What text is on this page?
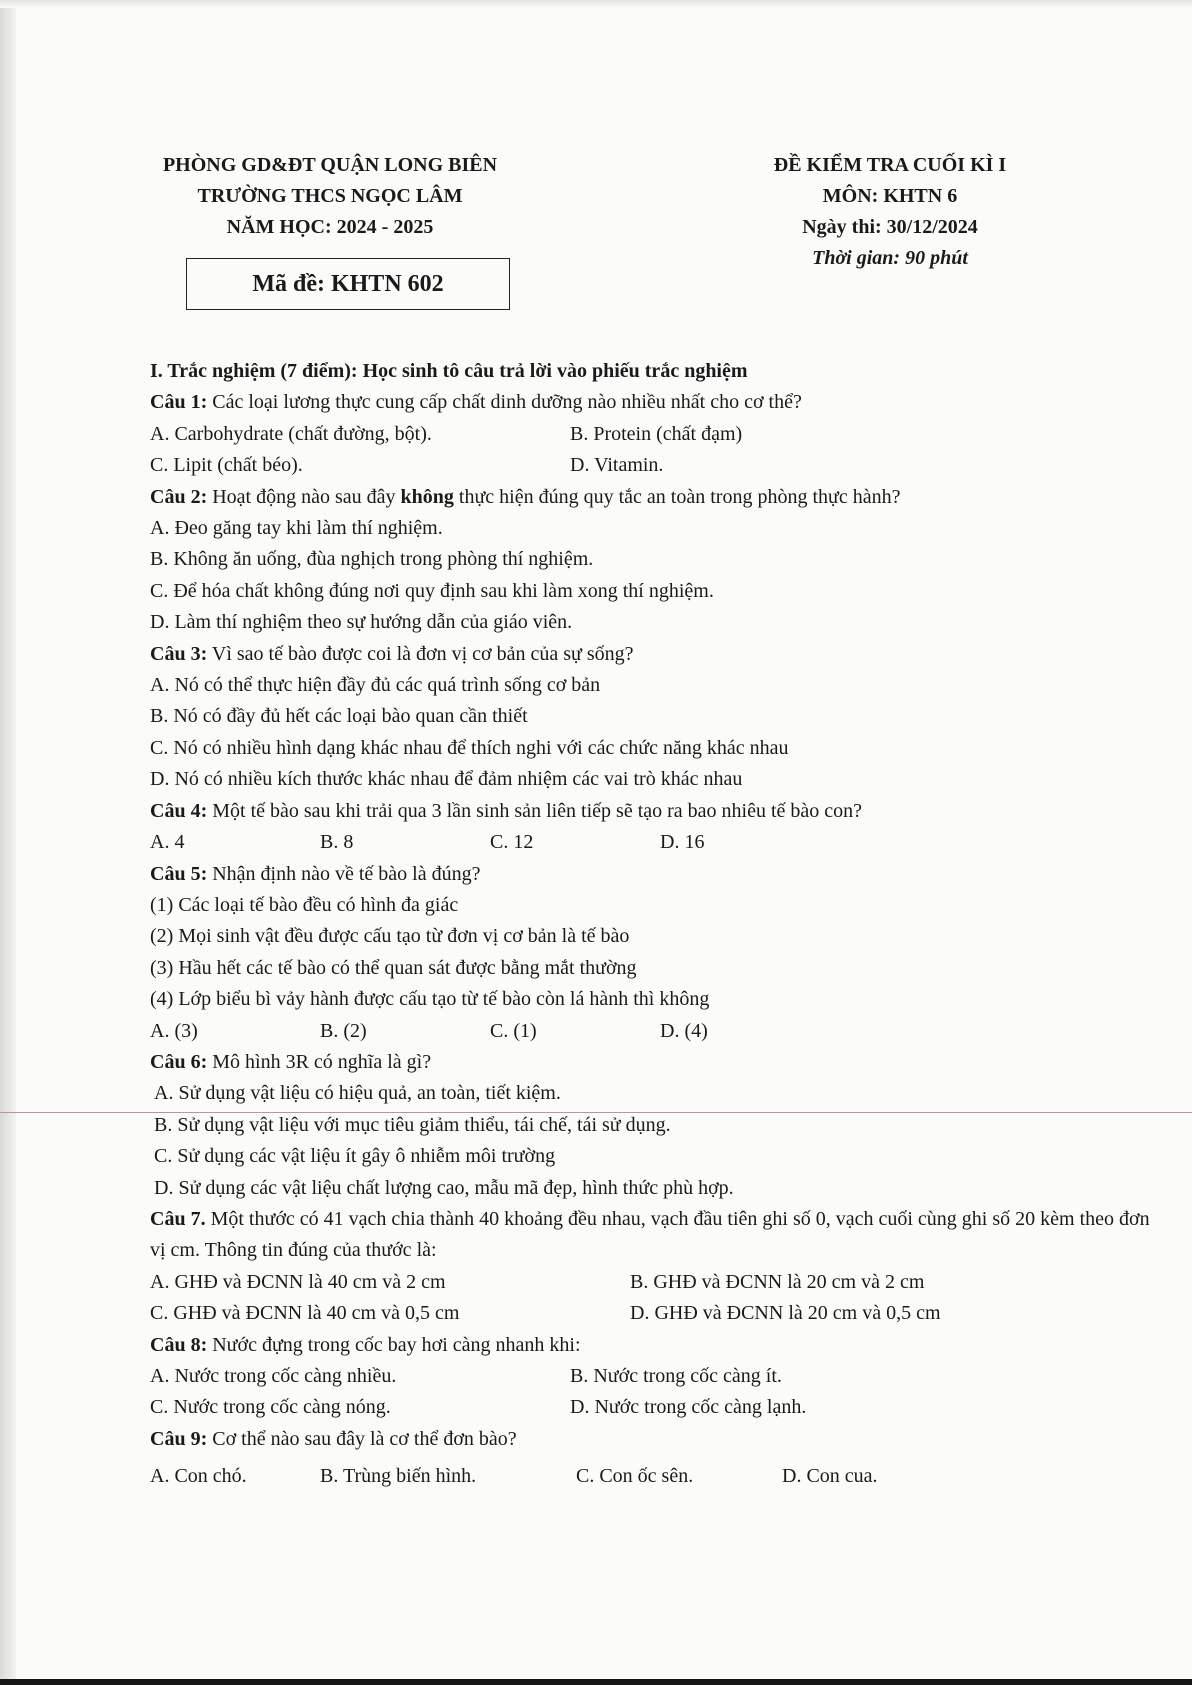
PHÒNG GD&ĐT QUẬN LONG BIÊN
TRƯỜNG THCS NGỌC LÂM
NĂM HỌC: 2024 - 2025
Mã đề: KHTN 602
ĐỀ KIỂM TRA CUỐI KÌ I
MÔN: KHTN 6
Ngày thi: 30/12/2024
Thời gian: 90 phút
I. Trắc nghiệm (7 điểm): Học sinh tô câu trả lời vào phiếu trắc nghiệm
Câu 1: Các loại lương thực cung cấp chất dinh dưỡng nào nhiều nhất cho cơ thể?
A. Carbohydrate (chất đường, bột).	B. Protein (chất đạm)
C. Lipit (chất béo).	D. Vitamin.
Câu 2: Hoạt động nào sau đây không thực hiện đúng quy tắc an toàn trong phòng thực hành?
A. Đeo găng tay khi làm thí nghiệm.
B. Không ăn uống, đùa nghịch trong phòng thí nghiệm.
C. Để hóa chất không đúng nơi quy định sau khi làm xong thí nghiệm.
D. Làm thí nghiệm theo sự hướng dẫn của giáo viên.
Câu 3: Vì sao tế bào được coi là đơn vị cơ bản của sự sống?
A. Nó có thể thực hiện đầy đủ các quá trình sống cơ bản
B. Nó có đầy đủ hết các loại bào quan cần thiết
C. Nó có nhiều hình dạng khác nhau để thích nghi với các chức năng khác nhau
D. Nó có nhiều kích thước khác nhau để đảm nhiệm các vai trò khác nhau
Câu 4: Một tế bào sau khi trải qua 3 lần sinh sản liên tiếp sẽ tạo ra bao nhiêu tế bào con?
A. 4	B. 8	C. 12	D. 16
Câu 5: Nhận định nào về tế bào là đúng?
(1) Các loại tế bào đều có hình đa giác
(2) Mọi sinh vật đều được cấu tạo từ đơn vị cơ bản là tế bào
(3) Hầu hết các tế bào có thể quan sát được bằng mắt thường
(4) Lớp biểu bì vảy hành được cấu tạo từ tế bào còn lá hành thì không
A. (3)	B. (2)	C. (1)	D. (4)
Câu 6: Mô hình 3R có nghĩa là gì?
A. Sử dụng vật liệu có hiệu quả, an toàn, tiết kiệm.
B. Sử dụng vật liệu với mục tiêu giảm thiểu, tái chế, tái sử dụng.
C. Sử dụng các vật liệu ít gây ô nhiễm môi trường
D. Sử dụng các vật liệu chất lượng cao, mẫu mã đẹp, hình thức phù hợp.
Câu 7. Một thước có 41 vạch chia thành 40 khoảng đều nhau, vạch đầu tiên ghi số 0, vạch cuối cùng ghi số 20 kèm theo đơn vị cm. Thông tin đúng của thước là:
A. GHĐ và ĐCNN là 40 cm và 2 cm	B. GHĐ và ĐCNN là 20 cm và 2 cm
C. GHĐ và ĐCNN là 40 cm và 0,5 cm	D. GHĐ và ĐCNN là 20 cm và 0,5 cm
Câu 8: Nước đựng trong cốc bay hơi càng nhanh khi:
A. Nước trong cốc càng nhiều.	B. Nước trong cốc càng ít.
C. Nước trong cốc càng nóng.	D. Nước trong cốc càng lạnh.
Câu 9: Cơ thể nào sau đây là cơ thể đơn bào?
A. Con chó.	B. Trùng biến hình.	C. Con ốc sên.	D. Con cua.
